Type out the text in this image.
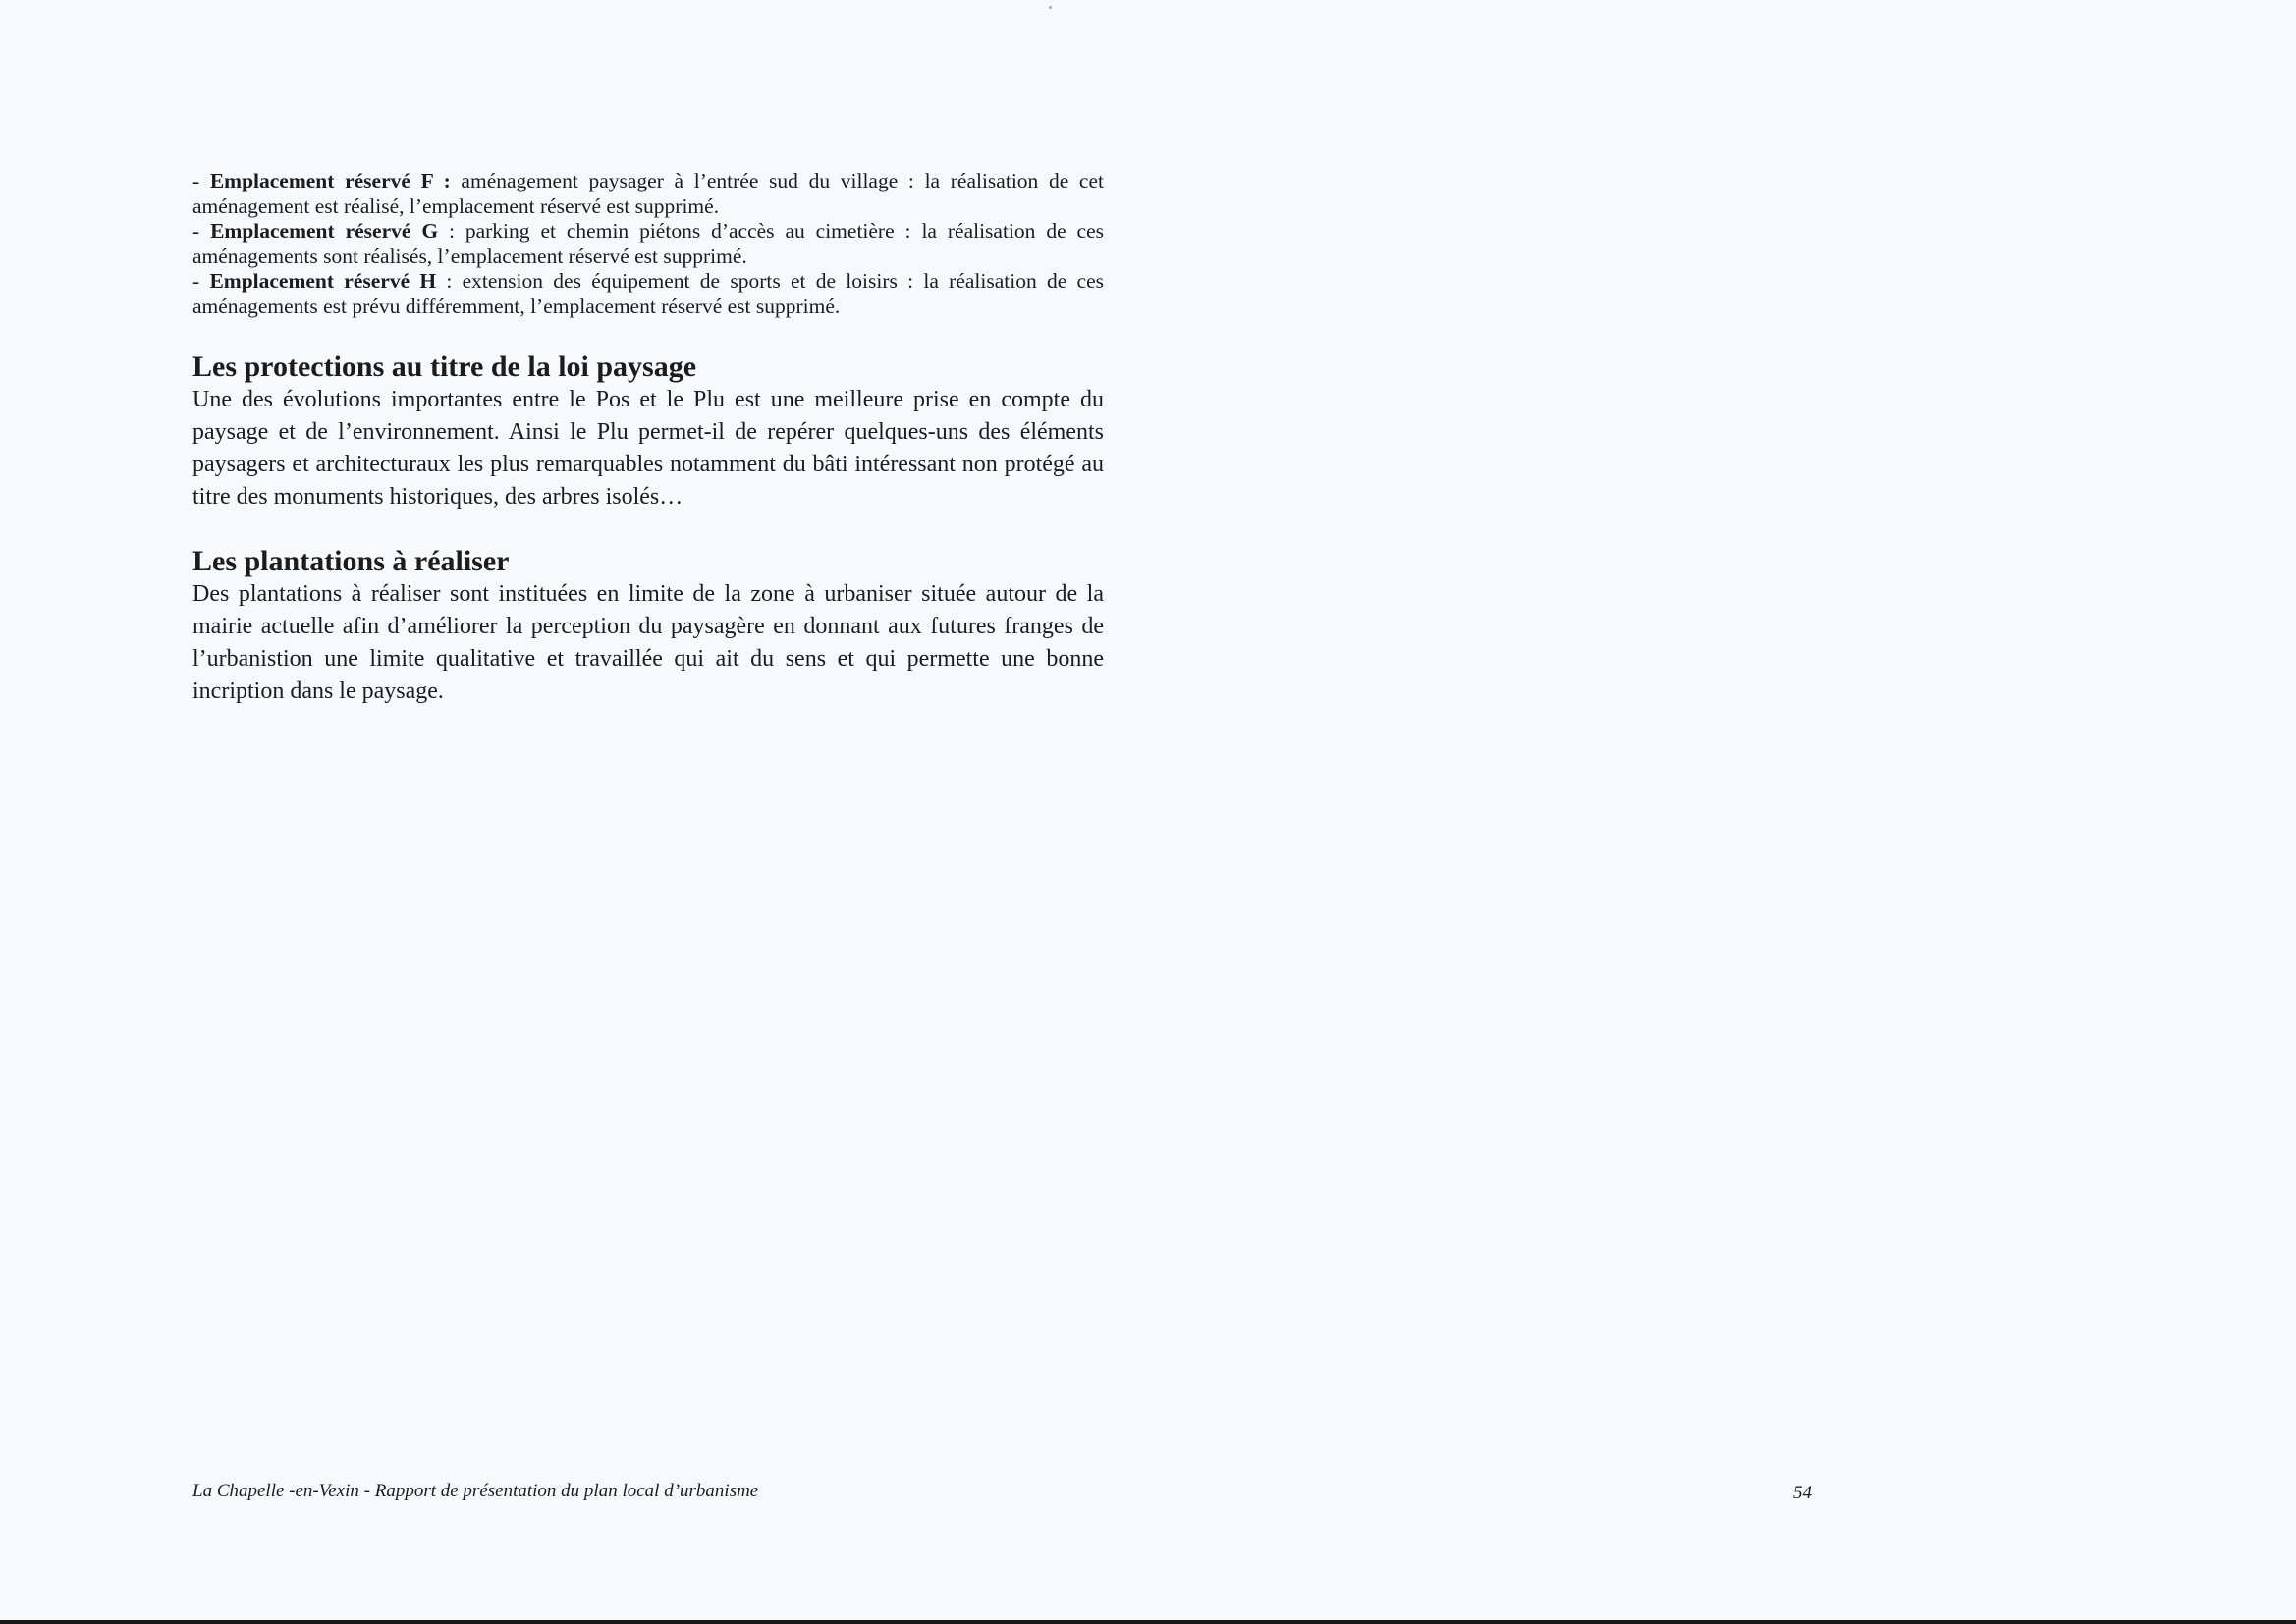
- Emplacement réservé F : aménagement paysager à l’entrée sud du village : la réalisation de cet aménagement est réalisé, l’emplacement réservé est supprimé.
- Emplacement réservé G : parking et chemin piétons d’accès au cimetière : la réalisation de ces aménagements sont réalisés, l’emplacement réservé est supprimé.
- Emplacement réservé H : extension des équipement de sports et de loisirs : la réalisation de ces aménagements est prévu différemment, l’emplacement réservé est supprimé.
Les protections au titre de la loi paysage

Une des évolutions importantes entre le Pos et le Plu est une meilleure prise en compte du paysage et de l’environnement. Ainsi le Plu permet-il de repérer quelques-uns des éléments paysagers et architecturaux les plus remarquables notamment du bâti intéressant non protégé au titre des monuments historiques, des arbres isolés…

Les plantations à réaliser

Des plantations à réaliser sont instituées en limite de la zone à urbaniser située autour de la mairie actuelle afin d’améliorer la perception du paysagère en donnant aux futures franges de l’urbanistion une limite qualitative et travaillée qui ait du sens et qui permette une bonne incription dans le paysage.

La Chapelle -en-Vexin - Rapport de présentation du plan local d’urbanisme	54
